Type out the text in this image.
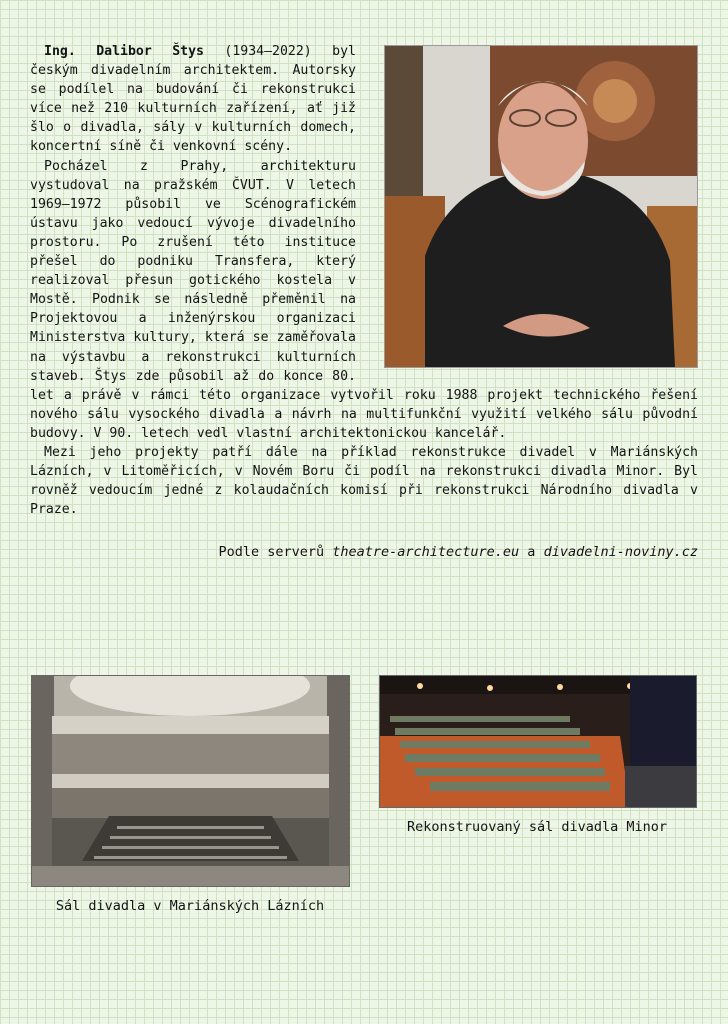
Ing. Dalibor Štys (1934–2022) byl českým divadelním architektem. Autorsky se podílel na budování či rekonstrukci více než 210 kulturních zařízení, ať již šlo o divadla, sály v kulturních domech, koncertní síně či venkovní scény.

Pocházel z Prahy, architekturu vystudoval na pražském ČVUT. V letech 1969–1972 působil ve Scénografickém ústavu jako vedoucí vývoje divadelního prostoru. Po zrušení této instituce přešel do podniku Transfera, který realizoval přesun gotického kostela v Mostě. Podnik se následně přeměnil na Projektovou a inženýrskou organizaci Ministerstva kultury, která se zaměřovala na výstavbu a rekonstrukci kulturních staveb. Štys zde působil až do konce 80. let a právě v rámci této organizace vytvořil roku 1988 projekt technického řešení nového sálu vysockého divadla a návrh na multifunkční využití velkého sálu původní budovy. V 90. letech vedl vlastní architektonickou kancelář.

Mezi jeho projekty patří dále na příklad rekonstrukce divadel v Mariánských Lázních, v Litoměřicích, v Novém Boru či podíl na rekonstrukci divadla Minor. Byl rovněž vedoucím jedné z kolaudačních komisí při rekonstrukci Národního divadla v Praze.

Podle serverů theatre-architecture.eu a divadelni-noviny.cz
Rekonstruovaný sál divadla Minor
Sál divadla v Mariánských Lázních
